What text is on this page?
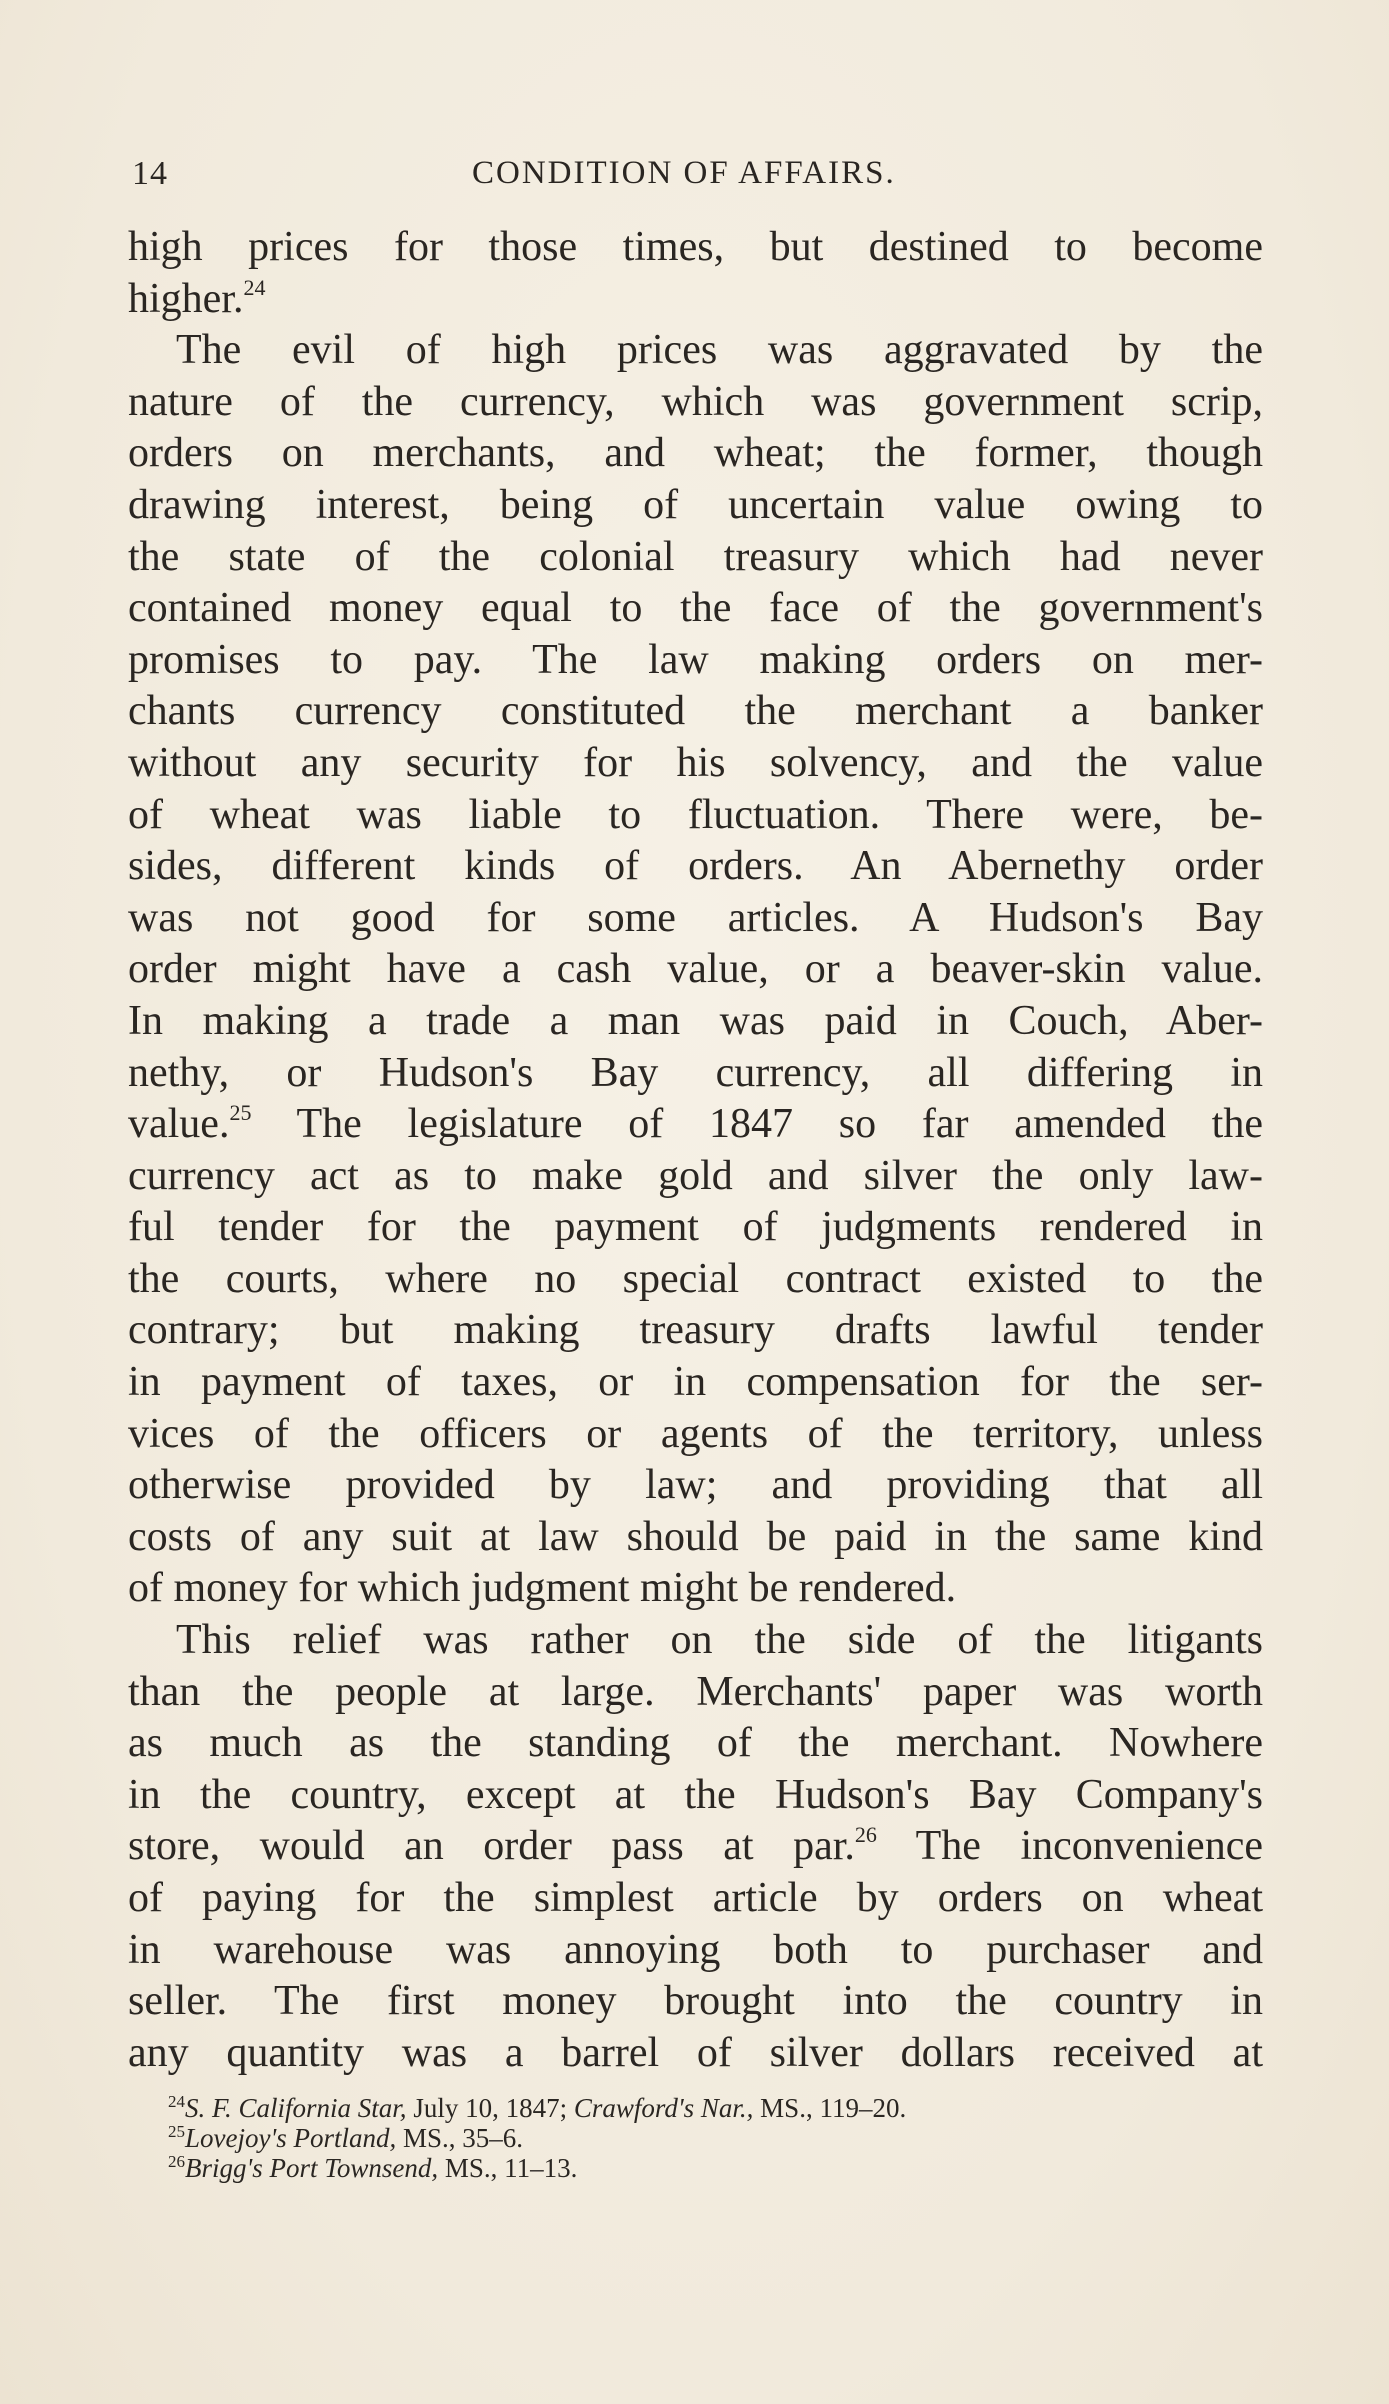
14	CONDITION OF AFFAIRS.
high prices for those times, but destined to become
higher.$^{24}$
The evil of high prices was aggravated by the
nature of the currency, which was government scrip,
orders on merchants, and wheat; the former, though
drawing interest, being of uncertain value owing to
the state of the colonial treasury which had never
contained money equal to the face of the government's
promises to pay. The law making orders on mer-
chants currency constituted the merchant a banker
without any security for his solvency, and the value
of wheat was liable to fluctuation. There were, be-
sides, different kinds of orders. An Abernethy order
was not good for some articles. A Hudson's Bay
order might have a cash value, or a beaver-skin value.
In making a trade a man was paid in Couch, Aber-
nethy, or Hudson's Bay currency, all differing in
value.$^{25}$ The legislature of 1847 so far amended the
currency act as to make gold and silver the only law-
ful tender for the payment of judgments rendered in
the courts, where no special contract existed to the
contrary; but making treasury drafts lawful tender
in payment of taxes, or in compensation for the ser-
vices of the officers or agents of the territory, unless
otherwise provided by law; and providing that all
costs of any suit at law should be paid in the same kind
of money for which judgment might be rendered.
This relief was rather on the side of the litigants
than the people at large. Merchants' paper was worth
as much as the standing of the merchant. Nowhere
in the country, except at the Hudson's Bay Company's
store, would an order pass at par.$^{26}$ The inconvenience
of paying for the simplest article by orders on wheat
in warehouse was annoying both to purchaser and
seller. The first money brought into the country in
any quantity was a barrel of silver dollars received at
$^{24}$S. F. California Star, July 10, 1847; Crawford's Nar., MS., 119–20.
$^{25}$Lovejoy's Portland, MS., 35–6.
$^{26}$Brigg's Port Townsend, MS., 11–13.
